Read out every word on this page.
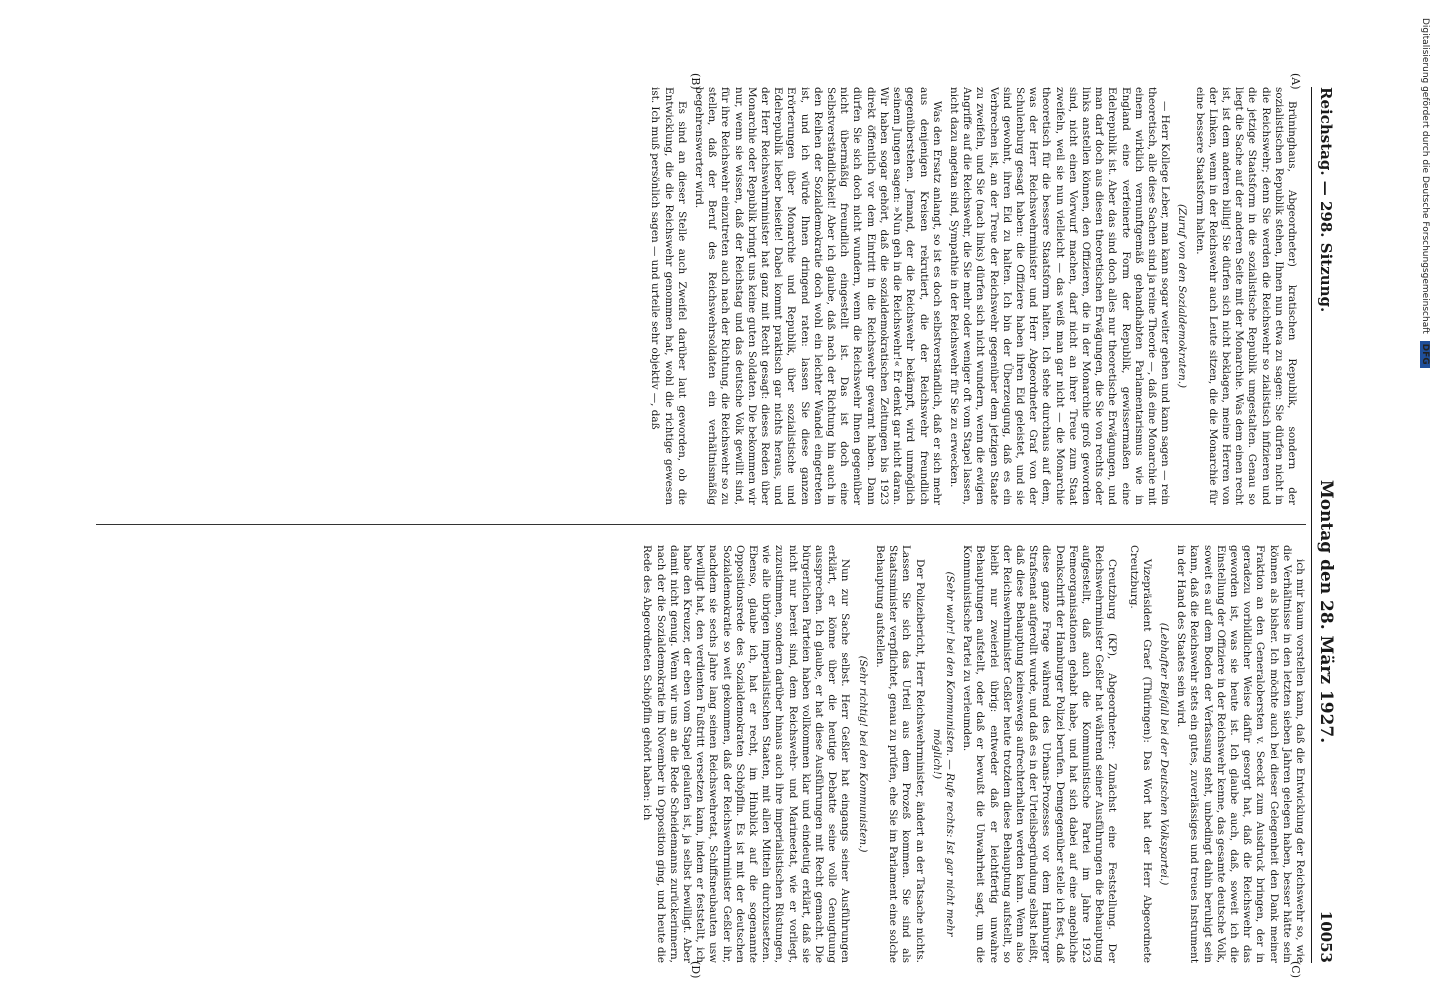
Reichstag. — 298. Sitzung.
Montag den 28. März 1927.
10053
(A)
(B)
(C)
(D)

Brüninghaus, Abgeordneter) kratischen Republik, sondern der sozialistischen Republik stehen, Ihnen nun etwa zu sagen: Sie dürfen nicht in die Reichswehr; denn Sie werden die Reichswehr so zialistisch infizieren und die jetzige Staatsform in die sozialistische Republik umgestalten. Genau so liegt die Sache auf der anderen Seite mit der Monarchie. Was dem einen recht ist, ist dem anderen billig! Sie dürfen sich nicht beklagen, meine Herren von der Linken, wenn in der Reichswehr auch Leute sitzen, die die Monarchie für eine bessere Staatsform halten.

(Zuruf von den Sozialdemokraten.)

— Herr Kollege Leber, man kann sogar weiter gehen und kann sagen — rein theoretisch, alle diese Sachen sind ja reine Theorie —, daß eine Monarchie mit einem wirklich vernunftgemäß gehandhabten Parlamentarismus wie in England eine verfeinerte Form der Republik, gewissermaßen eine Edelrepublik ist. Aber das sind doch alles nur theoretische Erwägungen, und man darf doch aus diesen theoretischen Erwägungen, die Sie von rechts oder links anstellen können, den Offizieren, die in der Monarchie groß geworden sind, nicht einen Vorwurf machen, darf nicht an ihrer Treue zum Staat zweifeln, weil sie nun vielleicht — das weiß man gar nicht — die Monarchie theoretisch für die bessere Staatsform halten. Ich stehe durchaus auf dem, was der Herr Reichswehrminister und Herr Abgeordneter Graf von der Schulenburg gesagt haben: die Offiziere haben ihren Eid geleistet, und sie sind gewohnt, ihren Eid zu halten. Ich bin der Überzeugung, daß es ein Verbrechen ist, an der Treue der Reichswehr gegenüber dem jetzigen Staate zu zweifeln, und Sie (nach links) dürfen sich nicht wundern, wenn die ewigen Angriffe auf die Reichswehr, die Sie mehr oder weniger oft vom Stapel lassen, nicht dazu angetan sind, Sympathie in der Reichswehr für Sie zu erwecken.

Was den Ersatz anlangt, so ist es doch selbstverständlich, daß er sich mehr aus denjenigen Kreisen rekrutiert, die der Reichswehr freundlich gegenüberstehen. Jemand, der die Reichswehr bekämpft, wird unmöglich seinem Jungen sagen: »Nun geh in die Reichswehr!« Er denkt gar nicht daran. Wir haben sogar gehört, daß die sozialdemokratischen Zeitungen bis 1923 direkt öffentlich vor dem Eintritt in die Reichswehr gewarnt haben. Dann dürfen Sie sich doch nicht wundern, wenn die Reichswehr Ihnen gegenüber nicht übermäßig freundlich eingestellt ist. Das ist doch eine Selbstverständlichkeit! Aber ich glaube, daß nach der Richtung hin auch in den Reihen der Sozialdemokratie doch wohl ein leichter Wandel eingetreten ist, und ich würde Ihnen dringend raten: lassen Sie diese ganzen Erörterungen über Monarchie und Republik, über sozialistische und Edelrepublik lieber beiseite! Dabei kommt praktisch gar nichts heraus, und der Herr Reichswehrminister hat ganz mit Recht gesagt: dieses Reden über Monarchie oder Republik bringt uns keine guten Soldaten. Die bekommen wir nur, wenn sie wissen, daß der Reichstag und das deutsche Volk gewillt sind, für ihre Reichswehr einzutreten auch nach der Richtung, die Reichswehr so zu stellen, daß der Beruf des Reichswehrsoldaten ein verhältnismäßig begehrenswerter wird.

Es sind an dieser Stelle auch Zweifel darüber laut geworden, ob die Entwicklung, die die Reichswehr genommen hat, wohl die richtige gewesen ist. Ich muß persönlich sagen — und urteile sehr objektiv —, daß

ich mir kaum vorstellen kann, daß die Entwicklung der Reichswehr so, wie die Verhältnisse in den letzten sieben Jahren gelegen haben, besser hätte sein können als bisher. Ich möchte auch bei dieser Gelegenheit den Dank meiner Fraktion an den Generalobersten v. Seeckt zum Ausdruck bringen, der in geradezu vorbildlicher Weise dafür gesorgt hat, daß die Reichswehr das geworden ist, was sie heute ist. Ich glaube auch, daß, soweit ich die Einstellung der Offiziere in der Reichswehr kenne, das gesamte deutsche Volk, soweit es auf dem Boden der Verfassung steht, unbedingt dahin beruhigt sein kann, daß die Reichswehr stets ein gutes, zuverlässiges und treues Instrument in der Hand des Staates sein wird.

(Lebhafter Beifall bei der Deutschen Volkspartei.)

Vizepräsident Graef (Thüringen): Das Wort hat der Herr Abgeordnete Creutzburg.

Creutzburg (KP), Abgeordneter: Zunächst eine Feststellung. Der Reichswehrminister Geßler hat während seiner Ausführungen die Behauptung aufgestellt, daß auch die Kommunistische Partei im Jahre 1923 Femeorganisationen gehabt habe, und hat sich dabei auf eine angebliche Denkschrift der Hamburger Polizei berufen. Demgegenüber stelle ich fest, daß diese ganze Frage während des Urbans-Prozesses vor dem Hamburger Strafsenat aufgerollt wurde, und daß es in der Urteilsbegründung selbst heißt, daß diese Behauptung keineswegs aufrechterhalten werden kann. Wenn also der Reichswehrminister Geßler heute trotzdem diese Behauptung aufstellt, so bleibt nur zweierlei übrig: entweder daß er leichtfertig unwahre Behauptungen aufstellt, oder daß er bewußt die Unwahrheit sagt, um die Kommunistische Partei zu verleumden.

(Sehr wahr! bei den Kommunisten. — Rufe rechts: Ist gar nicht mehr möglich!)

Der Polizeibericht, Herr Reichswehrminister, ändert an der Tatsache nichts. Lassen Sie sich das Urteil aus dem Prozeß kommen. Sie sind als Staatsminister verpflichtet, genau zu prüfen, ehe Sie im Parlament eine solche Behauptung aufstellen.

(Sehr richtig! bei den Kommunisten.)

Nun zur Sache selbst. Herr Geßler hat eingangs seiner Ausführungen erklärt, er könne über die heutige Debatte seine volle Genugtuung aussprechen. Ich glaube, er hat diese Ausführungen mit Recht gemacht. Die bürgerlichen Parteien haben vollkommen klar und eindeutig erklärt, daß sie nicht nur bereit sind, dem Reichswehr- und Marineetat, wie er vorliegt, zuzustimmen, sondern darüber hinaus auch ihre imperialistischen Rüstungen, wie alle übrigen imperialistischen Staaten, mit allen Mitteln durchzusetzen. Ebenso, glaube ich, hat er recht, im Hinblick auf die sogenannte Oppositionsrede des Sozialdemokraten Schöpflin. Es ist mit der deutschen Sozialdemokratie so weit gekommen, daß der Reichswehrminister Geßler ihr, nachdem sie sechs Jahre lang seinen Reichswehretat, Schiffsneubauten usw bewilligt hat, den verdienten Fußtritt versetzen kann, indem er feststellt, ich habe den Kreuzer, der eben vom Stapel gelaufen ist, ja selbst bewilligt. Aber damit nicht genug. Wenn wir uns an die Rede Scheidemanns zurückerinnern, nach der die Sozialdemokratie im November in Opposition ging, und heute die Rede des Abgeordneten Schöpflin gehört haben: ich

Digitalisierung gefördert durch die Deutsche Forschungsgemeinschaft DFG
